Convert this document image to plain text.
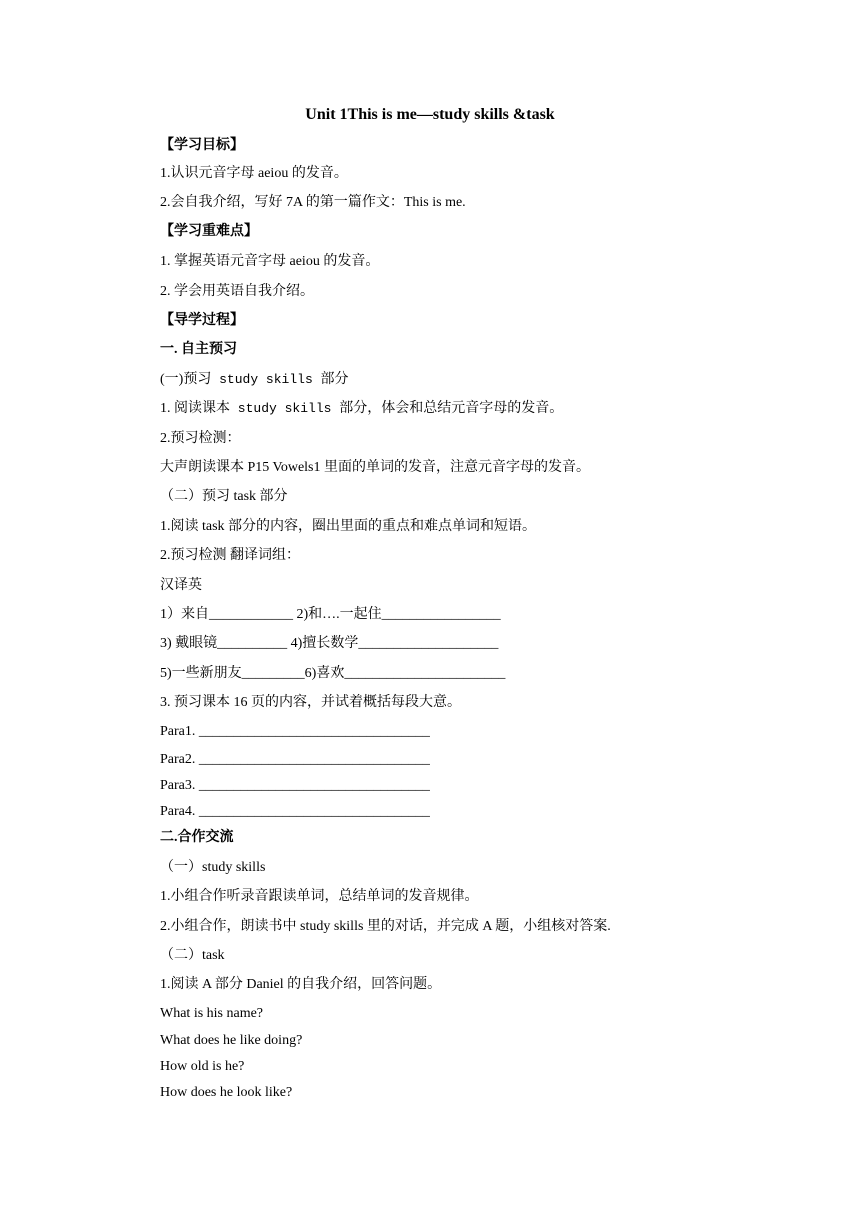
Unit 1This is me—study skills &task
【学习目标】
1.认识元音字母 aeiou 的发音。
2.会自我介绍，写好 7A 的第一篇作文：This is me.
【学习重难点】
1. 掌握英语元音字母 aeiou 的发音。
2. 学会用英语自我介绍。
【导学过程】
一. 自主预习
(一)预习 study skills 部分
1. 阅读课本 study skills 部分，体会和总结元音字母的发音。
2.预习检测：
大声朗读课本 P15 Vowels1 里面的单词的发音，注意元音字母的发音。
（二）预习 task 部分
1.阅读 task 部分的内容，圈出里面的重点和难点单词和短语。
2.预习检测 翻译词组：
汉译英
1）来自____________ 2)和….一起住_________________
3) 戴眼镜__________ 4)擅长数学____________________
5)一些新朋友_________6)喜欢_______________________
3. 预习课本 16 页的内容，并试着概括每段大意。
Para1. _________________________________
Para2. _________________________________
Para3. _________________________________
Para4. _________________________________
二.合作交流
（一）study skills
1.小组合作听录音跟读单词，总结单词的发音规律。
2.小组合作，朗读书中 study skills 里的对话，并完成 A 题，小组核对答案.
（二）task
1.阅读 A 部分 Daniel 的自我介绍，回答问题。
What is his name?
What does he like doing?
How old is he?
How does he look like?
